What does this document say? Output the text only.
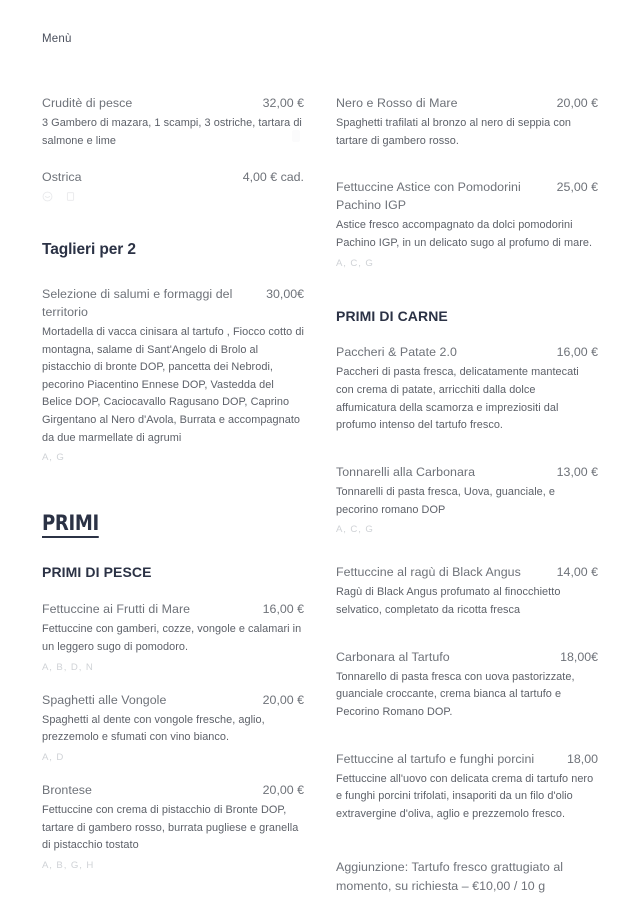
Menù
Cruditè di pesce	32,00 €
3 Gambero di mazara, 1 scampi, 3 ostriche, tartara di salmone e lime
Ostrica	4,00 € cad.
Taglieri per 2
Selezione di salumi e formaggi del territorio
30,00€
Mortadella di vacca cinisara al tartufo , Fiocco cotto di montagna, salame di Sant'Angelo di Brolo al pistacchio di bronte DOP, pancetta dei Nebrodi, pecorino Piacentino Ennese DOP, Vastedda del Belice DOP, Caciocavallo Ragusano DOP, Caprino Girgentano al Nero d'Avola, Burrata e accompagnato da due marmellate di agrumi
A, G
PRIMI
PRIMI DI PESCE
Fettuccine ai Frutti di Mare	16,00 €
Fettuccine con gamberi, cozze, vongole e calamari in un leggero sugo di pomodoro.
A, B, D, N
Spaghetti alle Vongole	20,00 €
Spaghetti al dente con vongole fresche, aglio, prezzemolo e sfumati con vino bianco.
A, D
Brontese	20,00 €
Fettuccine con crema di pistacchio di Bronte DOP, tartare di gambero rosso, burrata pugliese e granella di pistacchio tostato
A, B, G, H
Nero e Rosso di Mare	20,00 €
Spaghetti trafilati al bronzo al nero di seppia con tartare di gambero rosso.
Fettuccine Astice con Pomodorini Pachino IGP
25,00 €
Astice fresco accompagnato da dolci pomodorini Pachino IGP, in un delicato sugo al profumo di mare.
A, C, G
PRIMI DI CARNE
Paccheri & Patate 2.0	16,00 €
Paccheri di pasta fresca, delicatamente mantecati con crema di patate, arricchiti dalla dolce affumicatura della scamorza e impreziositi dal profumo intenso del tartufo fresco.
Tonnarelli alla Carbonara	13,00 €
Tonnarelli di pasta fresca, Uova, guanciale, e pecorino romano DOP
A, C, G
Fettuccine al ragù di Black Angus	14,00 €
Ragù di Black Angus profumato al finocchietto selvatico, completato da ricotta fresca
Carbonara al Tartufo	18,00€
Tonnarello di pasta fresca con uova pastorizzate, guanciale croccante, crema bianca al tartufo e Pecorino Romano DOP.
Fettuccine al tartufo e funghi porcini	18,00
Fettuccine all'uovo con delicata crema di tartufo nero e funghi porcini trifolati, insaporiti da un filo d'olio extravergine d'oliva, aglio e prezzemolo fresco.
Aggiunzione: Tartufo fresco grattugiato al momento, su richiesta – €10,00 / 10 g
